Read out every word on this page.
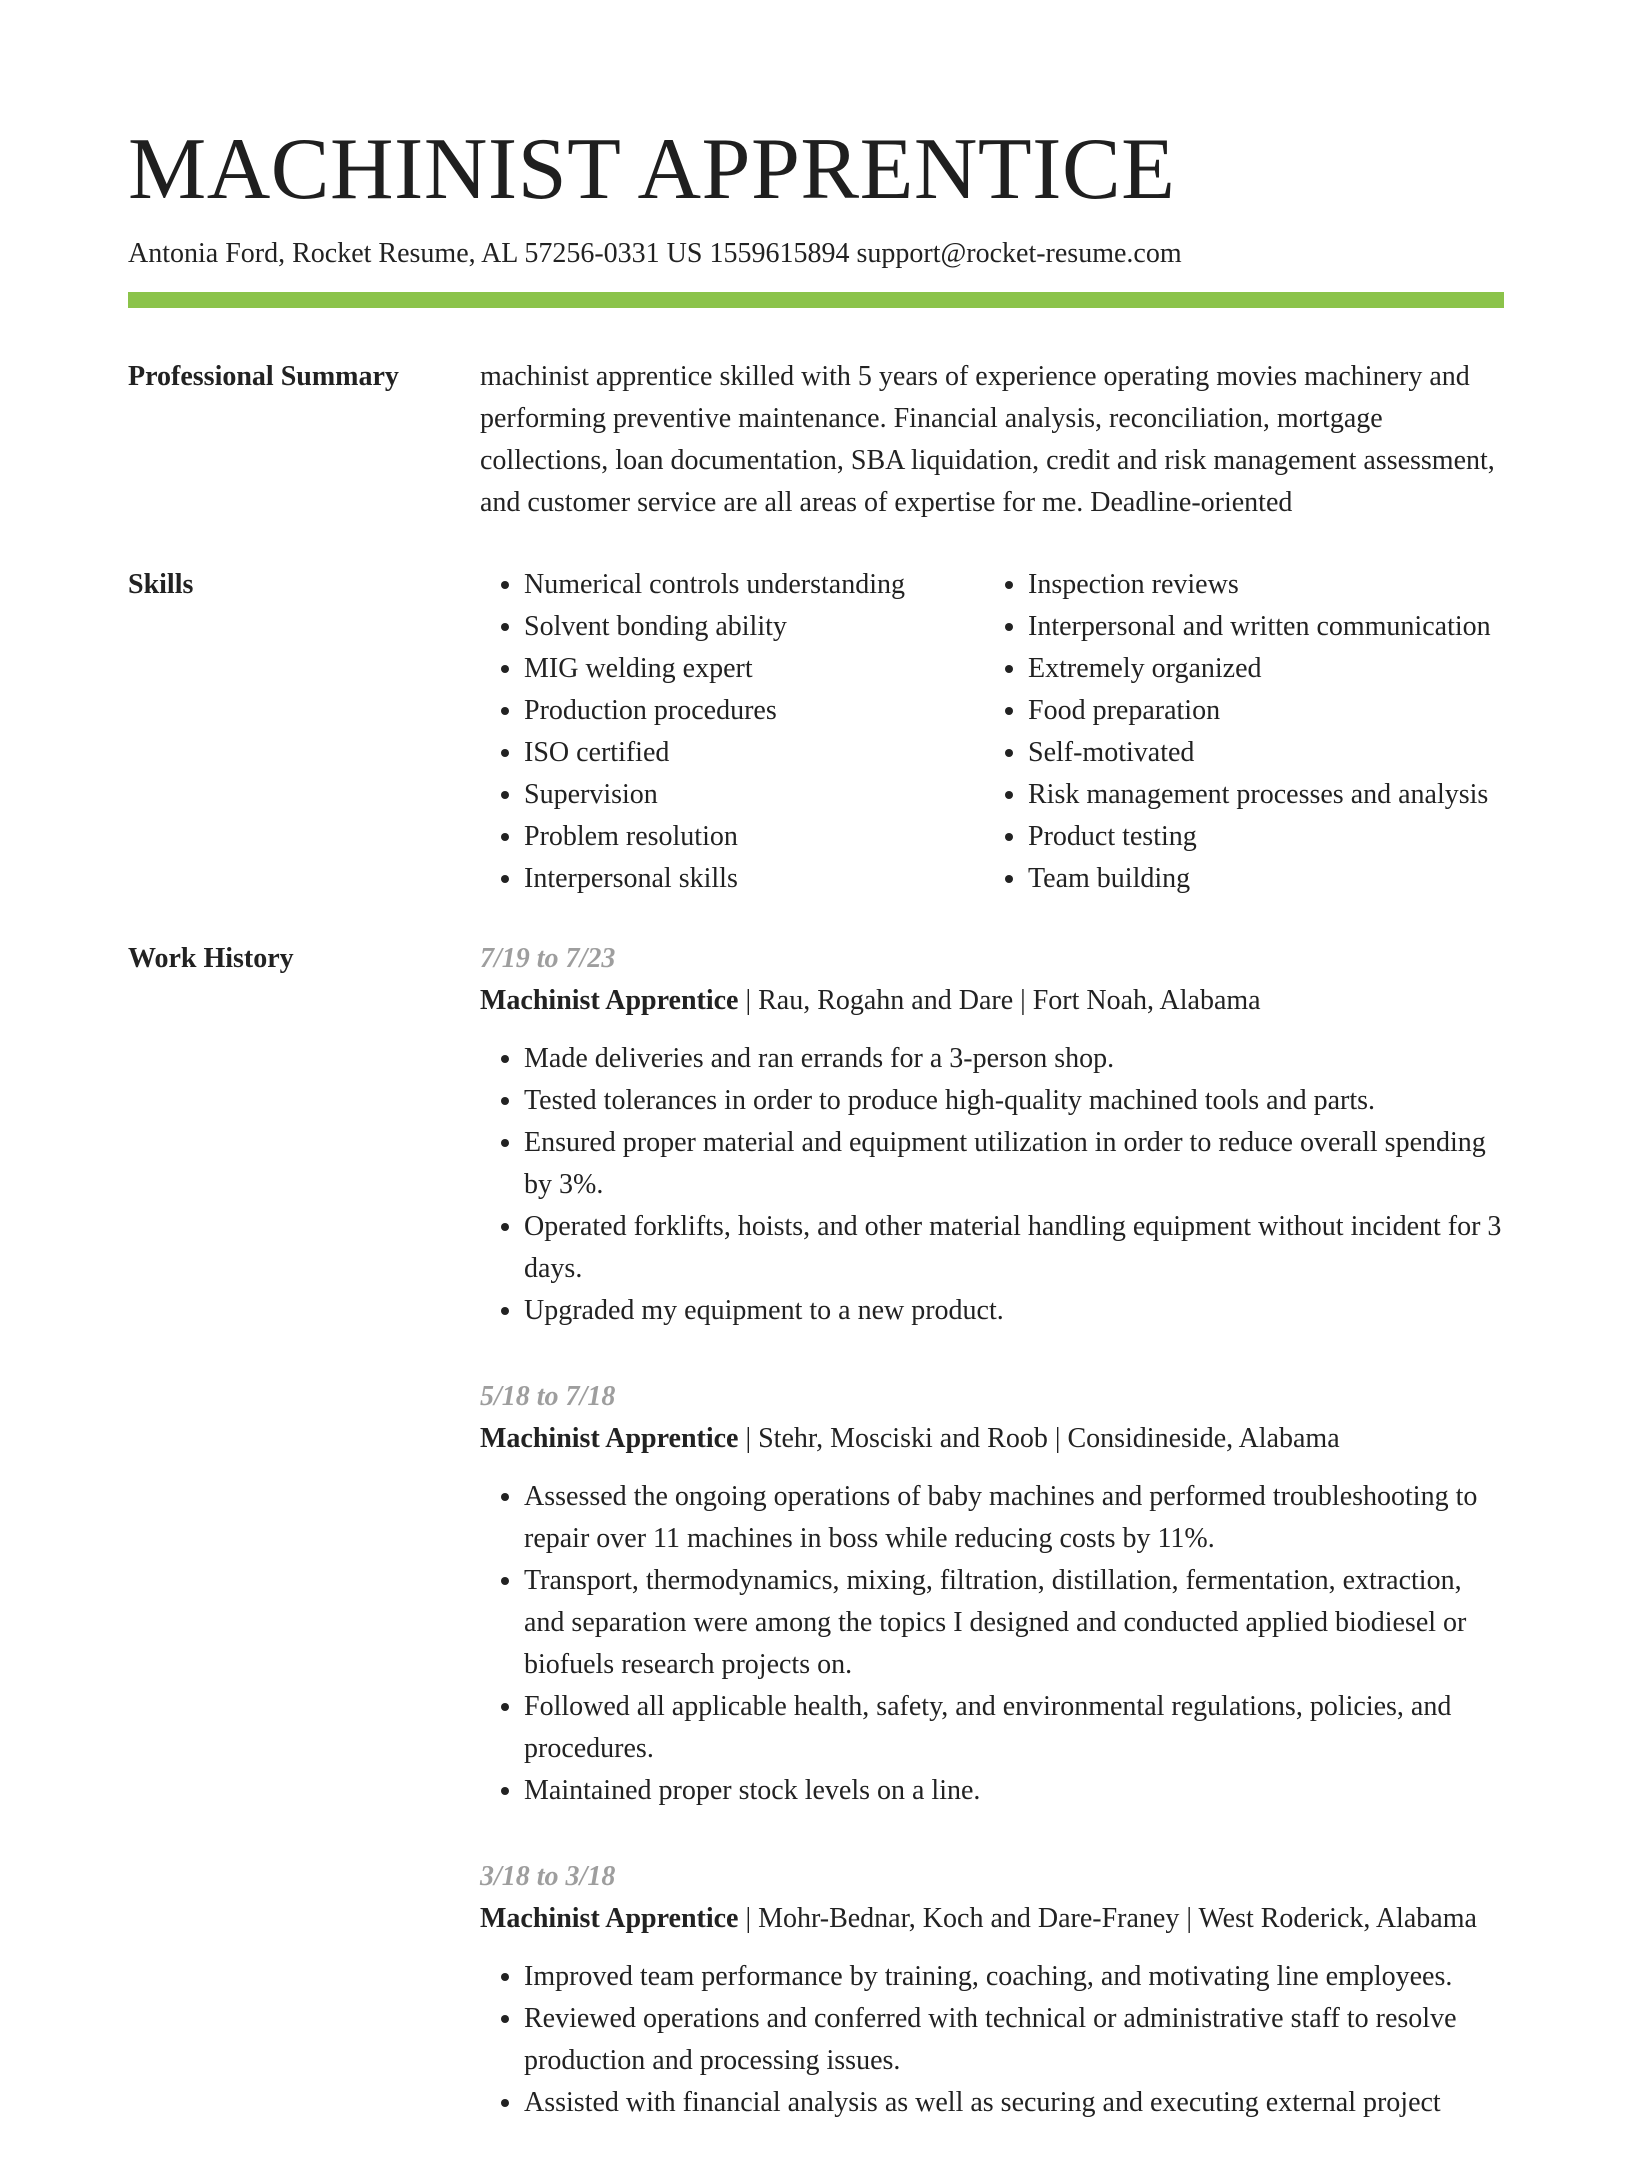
MACHINIST APPRENTICE
Antonia Ford, Rocket Resume, AL 57256-0331 US 1559615894 support@rocket-resume.com
Professional Summary	machinist apprentice skilled with 5 years of experience operating movies machinery and performing preventive maintenance. Financial analysis, reconciliation, mortgage collections, loan documentation, SBA liquidation, credit and risk management assessment, and customer service are all areas of expertise for me. Deadline-oriented

Skills
•	Numerical controls understanding
• Solvent bonding ability
• MIG welding expert
• Production procedures
• ISO certified
• Supervision
• Problem resolution
• Interpersonal skills
• Inspection reviews
• Interpersonal and written communication
• Extremely organized
• Food preparation
• Self-motivated
• Risk management processes and analysis
• Product testing
• Team building
Work History	7/19 to 7/23
Machinist Apprentice | Rau, Rogahn and Dare | Fort Noah, Alabama
• Made deliveries and ran errands for a 3-person shop.
• Tested tolerances in order to produce high-quality machined tools and parts.
• Ensured proper material and equipment utilization in order to reduce overall spending by 3%.
• Operated forklifts, hoists, and other material handling equipment without incident for 3 days.
• Upgraded my equipment to a new product.
5/18 to 7/18
Machinist Apprentice | Stehr, Mosciski and Roob | Considineside, Alabama
• Assessed the ongoing operations of baby machines and performed troubleshooting to repair over 11 machines in boss while reducing costs by 11%.
• Transport, thermodynamics, mixing, filtration, distillation, fermentation, extraction, and separation were among the topics I designed and conducted applied biodiesel or biofuels research projects on.
• Followed all applicable health, safety, and environmental regulations, policies, and procedures.
• Maintained proper stock levels on a line.
3/18 to 3/18
Machinist Apprentice | Mohr-Bednar, Koch and Dare-Franey | West Roderick, Alabama
• Improved team performance by training, coaching, and motivating line employees.
• Reviewed operations and conferred with technical or administrative staff to resolve production and processing issues.
• Assisted with financial analysis as well as securing and executing external project
